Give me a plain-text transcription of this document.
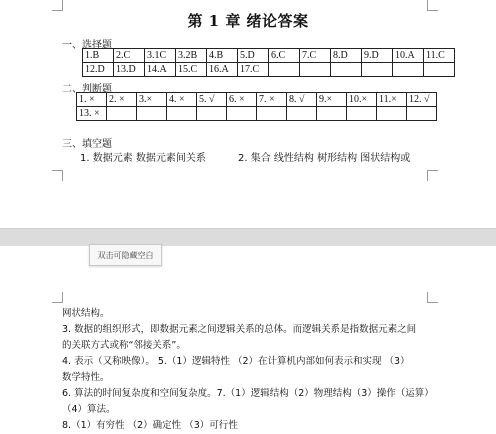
第 1 章 绪论答案
一、选择题
1.B	2.C	3.1C	3.2B	4.B	5.D	6.C	7.C	8.D	9.D	10.A	11.C
12.D	13.D	14.A	15.C	16.A	17.C						
二、判断题
1. ×	2. ×	3.×	4. ×	5. √	6. ×	7. ×	8. √	9.×	10.×	11.×	12. √
13. ×											
三、填空题
1. 数据元素 数据元素间关系	2. 集合 线性结构 树形结构 图状结构或
网状结构。
3. 数据的组织形式，即数据元素之间逻辑关系的总体。而逻辑关系是指数据元素之间
的关联方式或称“邻接关系”。
4. 表示（又称映像）。 5.（1）逻辑特性 （2）在计算机内部如何表示和实现 （3）
数学特性。
6. 算法的时间复杂度和空间复杂度。7.（1）逻辑结构（2）物理结构（3）操作（运算）
（4）算法。
8.（1）有穷性 （2）确定性 （3）可行性
双击可隐藏空白
